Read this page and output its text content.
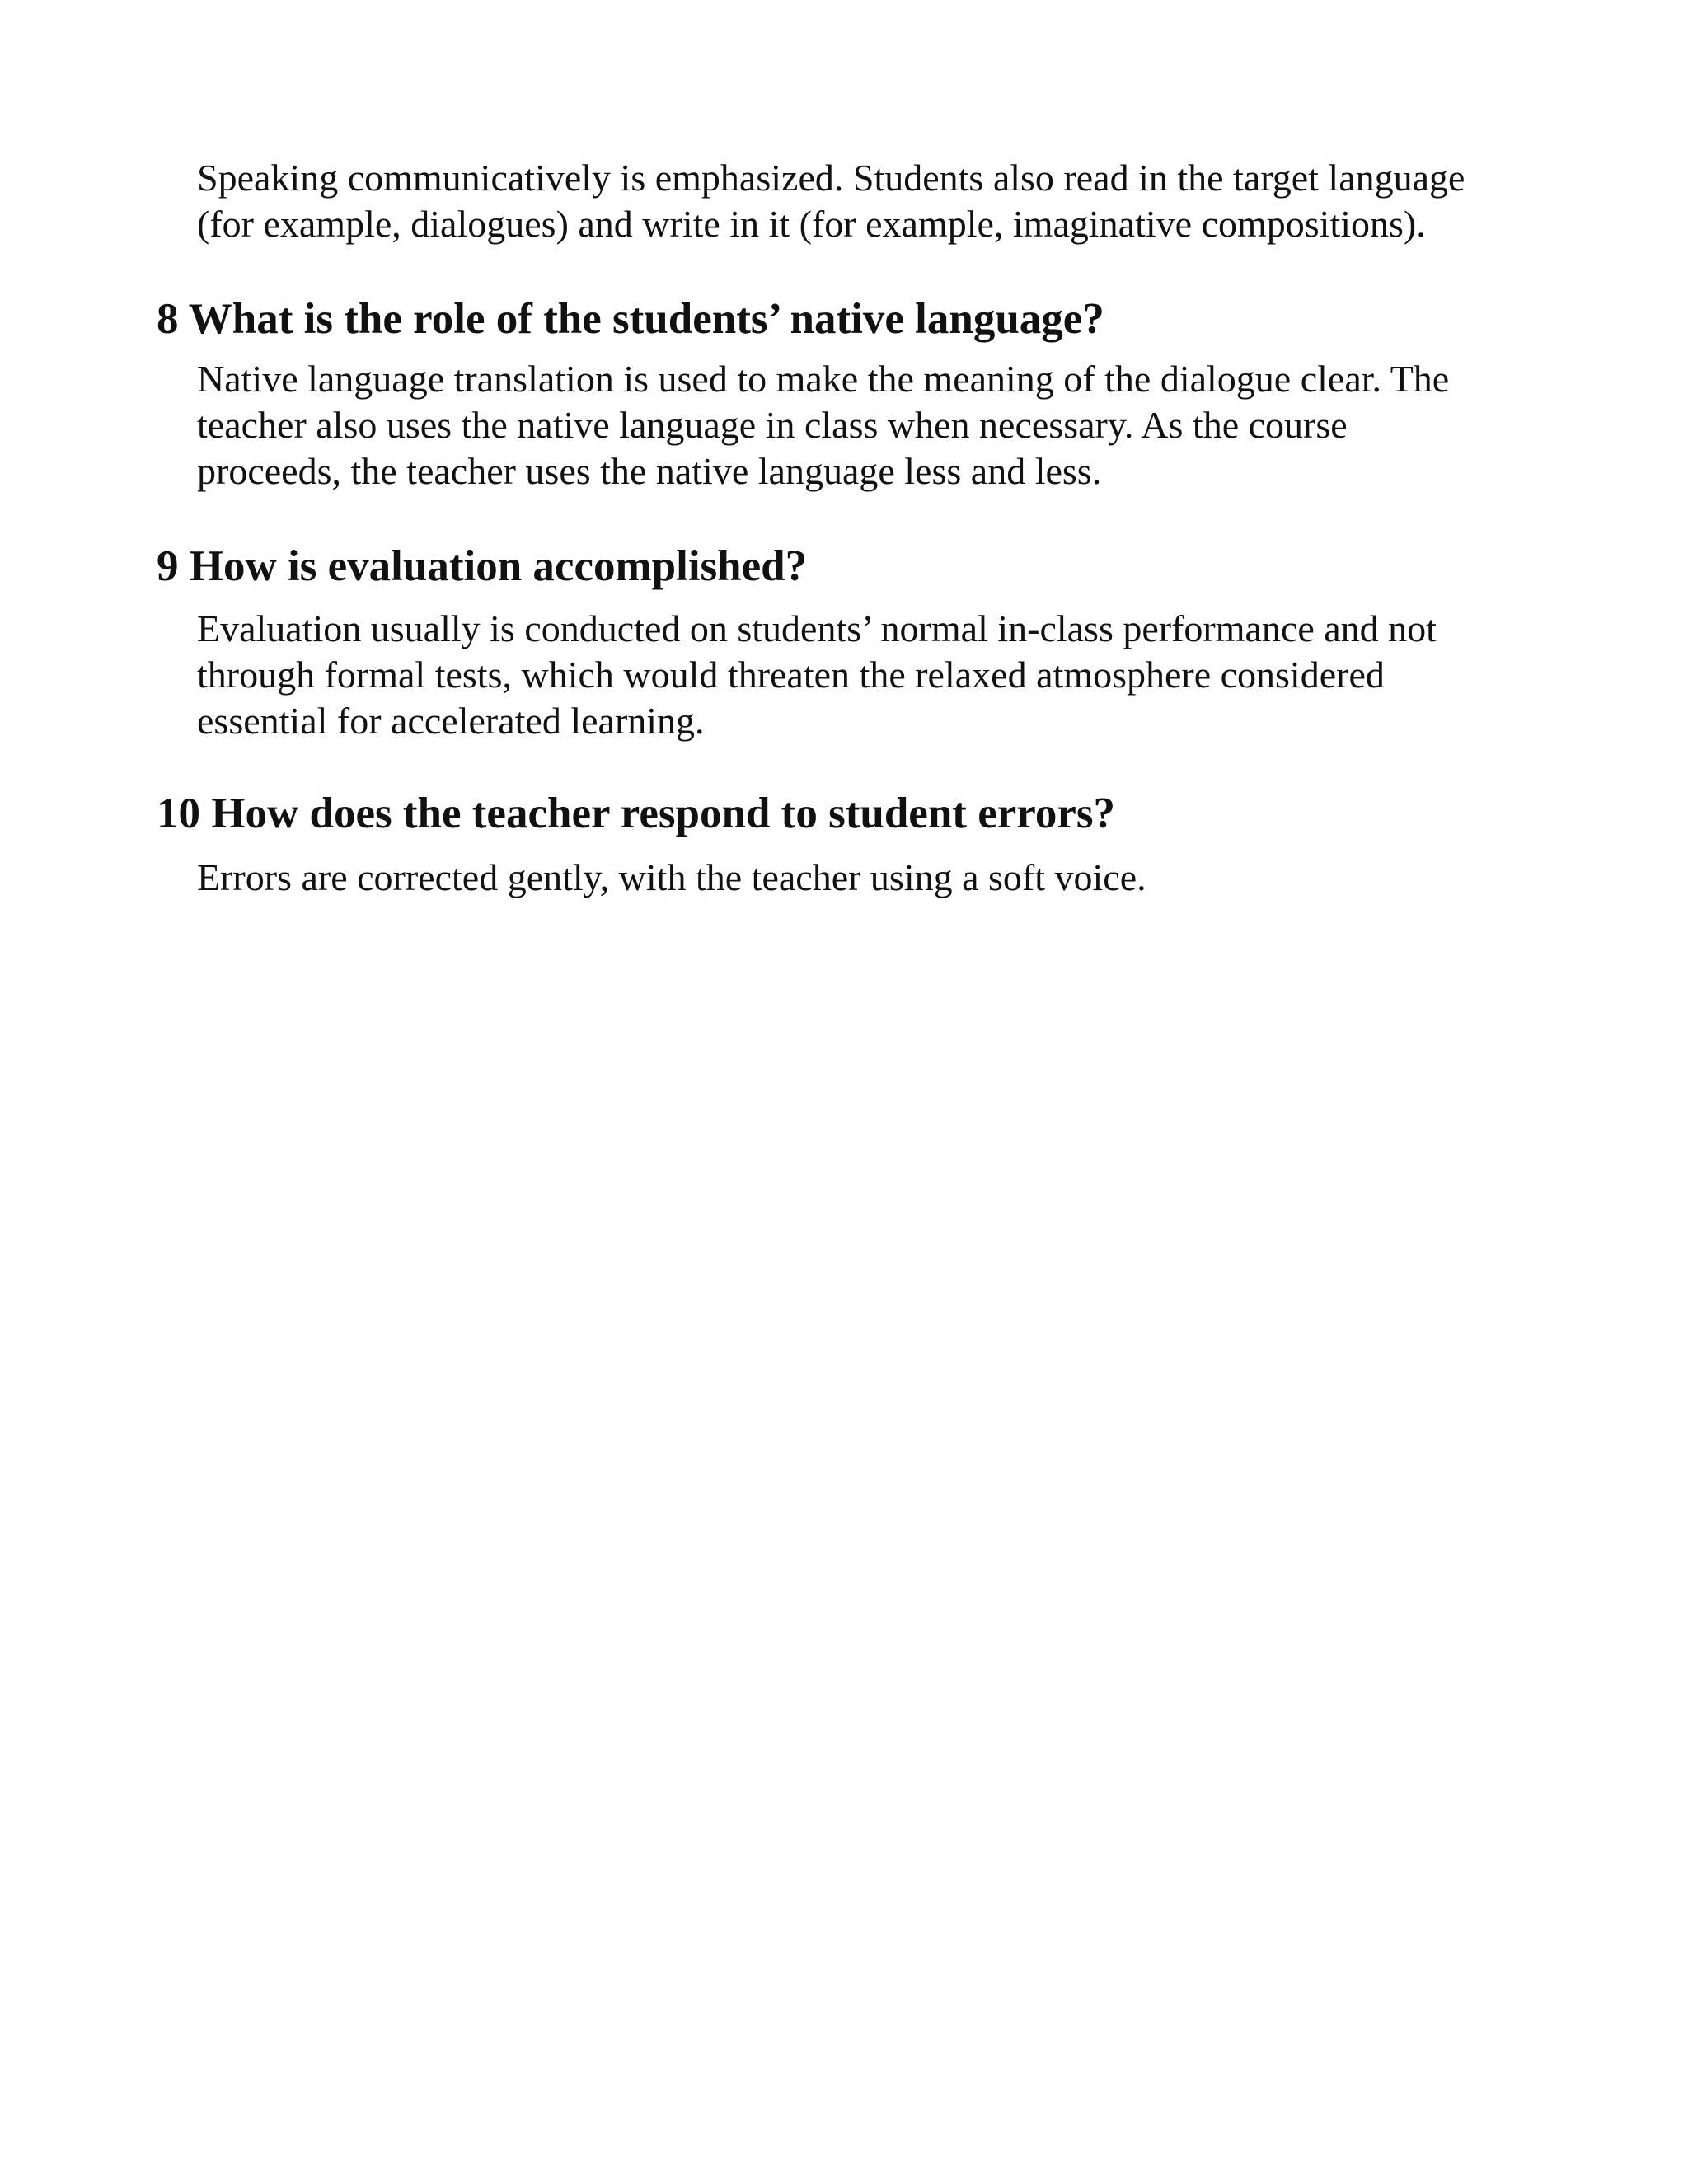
Speaking communicatively is emphasized. Students also read in the target language
(for example, dialogues) and write in it (for example, imaginative compositions).

8 What is the role of the students’ native language?

Native language translation is used to make the meaning of the dialogue clear. The
teacher also uses the native language in class when necessary. As the course
proceeds, the teacher uses the native language less and less.

9 How is evaluation accomplished?

Evaluation usually is conducted on students’ normal in-class performance and not
through formal tests, which would threaten the relaxed atmosphere considered
essential for accelerated learning.

10 How does the teacher respond to student errors?

Errors are corrected gently, with the teacher using a soft voice.
